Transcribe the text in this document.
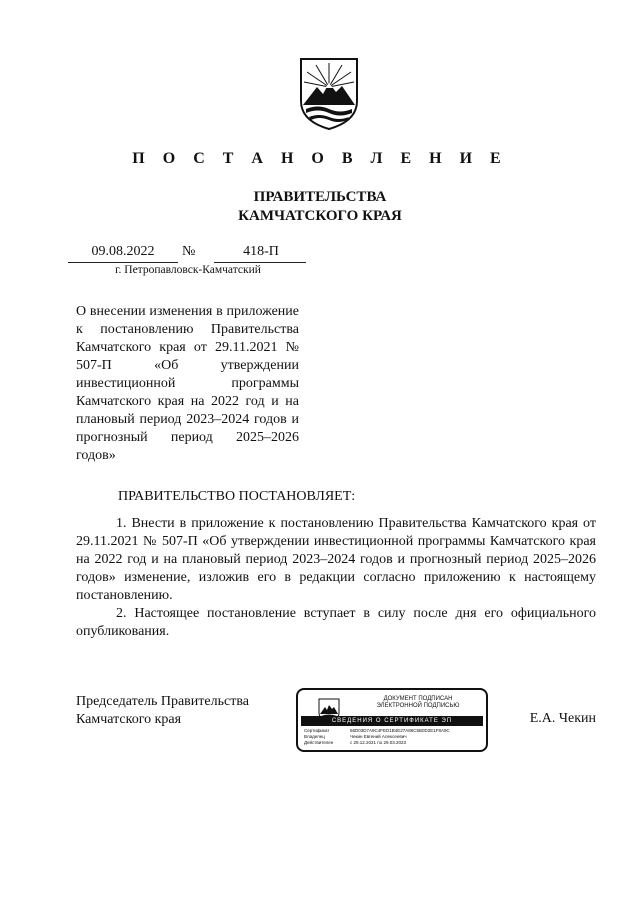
П О С Т А Н О В Л Е Н И Е
ПРАВИТЕЛЬСТВА
КАМЧАТСКОГО КРАЯ
09.08.2022	№	418-П
г. Петропавловск-Камчатский
О внесении изменения в приложение к постановлению Правительства Камчатского края от 29.11.2021 № 507-П «Об утверждении инвестиционной программы Камчатского края на 2022 год и на плановый период 2023–2024 годов и прогнозный период 2025–2026 годов»
ПРАВИТЕЛЬСТВО ПОСТАНОВЛЯЕТ:

1. Внести в приложение к постановлению Правительства Камчатского края от 29.11.2021 № 507-П «Об утверждении инвестиционной программы Камчатского края на 2022 год и на плановый период 2023–2024 годов и прогнозный период 2025–2026 годов» изменение, изложив его в редакции согласно приложению к настоящему постановлению.

2. Настоящее постановление вступает в силу после дня его официального опубликования.

Председатель Правительства
Камчатского края
ДОКУМЕНТ ПОДПИСАН
ЭЛЕКТРОННОЙ ПОДПИСЬЮ
СВЕДЕНИЯ О СЕРТИФИКАТЕ ЭП
Сертификат	56D03D7A9C4FED1B4E27A86C5B0D2E1F8A9C
Владелец	Чекин Евгений Алексеевич
Действителен	с 29.12.2021 по 29.03.2023
Е.А. Чекин
